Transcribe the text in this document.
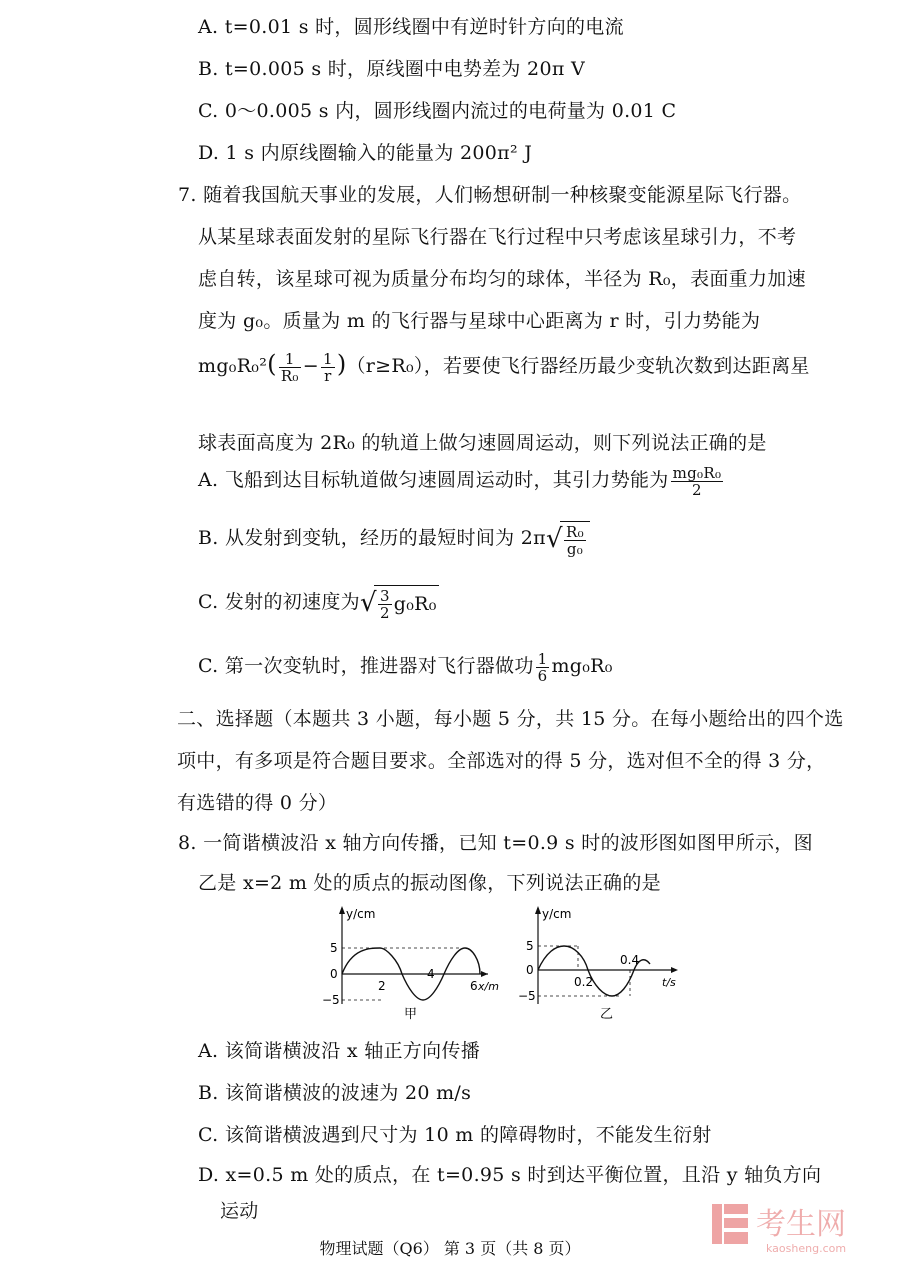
A. t=0.01 s 时，圆形线圈中有逆时针方向的电流
B. t=0.005 s 时，原线圈中电势差为 20π V
C. 0～0.005 s 内，圆形线圈内流过的电荷量为 0.01 C
D. 1 s 内原线圈输入的能量为 200π² J
7. 随着我国航天事业的发展，人们畅想研制一种核聚变能源星际飞行器。
从某星球表面发射的星际飞行器在飞行过程中只考虑该星球引力，不考
虑自转，该星球可视为质量分布均匀的球体，半径为 R₀，表面重力加速
度为 g₀。质量为 m 的飞行器与星球中心距离为 r 时，引力势能为
$mg_0R_0^2( \frac{1}{\text{R₀}} - \frac{1}{r} )(r\ge R_0)$，若要使飞行器经历最少变轨次数到达距离星
球表面高度为 2R₀ 的轨道上做匀速圆周运动，则下列说法正确的是
A. 飞船到达目标轨道做匀速圆周运动时，其引力势能为 $\frac{\text{mg₀R₀}}{2}$
B. 从发射到变轨，经历的最短时间为 2π √ $\frac{\text{R₀}}{\text{g₀}}$
C. 发射的初速度为 √ $\frac{3}{2} g_0R_0$
C. 第一次变轨时，推进器对飞行器做功 $\frac{1}{6} mg_0R_0$
二、选择题（本题共 3 小题，每小题 5 分，共 15 分。在每小题给出的四个选
项中，有多项是符合题目要求。全部选对的得 5 分，选对但不全的得 3 分，
有选错的得 0 分）
8. 一简谐横波沿 x 轴方向传播，已知 t=0.9 s 时的波形图如图甲所示，图
乙是 x=2 m 处的质点的振动图像，下列说法正确的是
y/cm
5
0
−5
2
4
6 x/m
甲
y/cm
5
0
−5
0.2
0.4
t/s
乙
A. 该简谐横波沿 x 轴正方向传播
B. 该简谐横波的波速为 20 m/s
C. 该简谐横波遇到尺寸为 10 m 的障碍物时，不能发生衍射
D. x=0.5 m 处的质点，在 t=0.95 s 时到达平衡位置，且沿 y 轴负方向
运动
物理试题（Q6） 第 3 页（共 8 页）
考生网
kaosheng.com
